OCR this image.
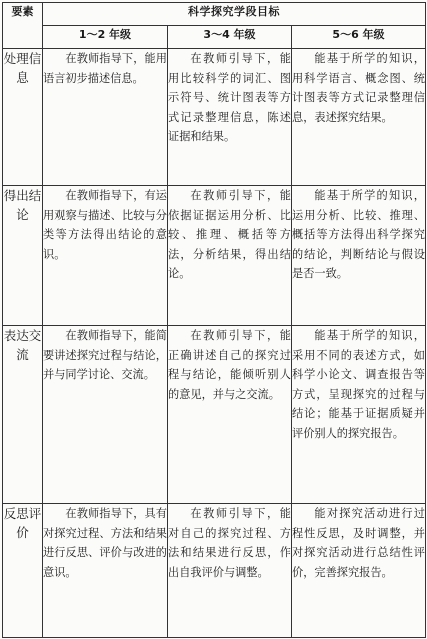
要素	科学探究学段目标		
	1～2 年级	3～4 年级	5～6 年级
处理信息	在教师指导下，能用语言初步描述信息。	在教师引导下，能用比较科学的词汇、图示符号、统计图表等方式记录整理信息，陈述证据和结果。	能基于所学的知识，用科学语言、概念图、统计图表等方式记录整理信息，表述探究结果。
得出结论	在教师指导下，有运用观察与描述、比较与分类等方法得出结论的意识。	在教师引导下，能依据证据运用分析、比较、推理、概括等方法，分析结果，得出结论。	能基于所学的知识，运用分析、比较、推理、概括等方法得出科学探究的结论，判断结论与假设是否一致。
表达交流	在教师指导下，能简要讲述探究过程与结论，并与同学讨论、交流。	在教师引导下，能正确讲述自己的探究过程与结论，能倾听别人的意见，并与之交流。	能基于所学的知识，采用不同的表述方式，如科学小论文、调查报告等方式，呈现探究的过程与结论；能基于证据质疑并评价别人的探究报告。
反思评价	在教师指导下，具有对探究过程、方法和结果进行反思、评价与改进的意识。	在教师引导下，能对自己的探究过程、方法和结果进行反思，作出自我评价与调整。	能对探究活动进行过程性反思，及时调整，并对探究活动进行总结性评价，完善探究报告。
